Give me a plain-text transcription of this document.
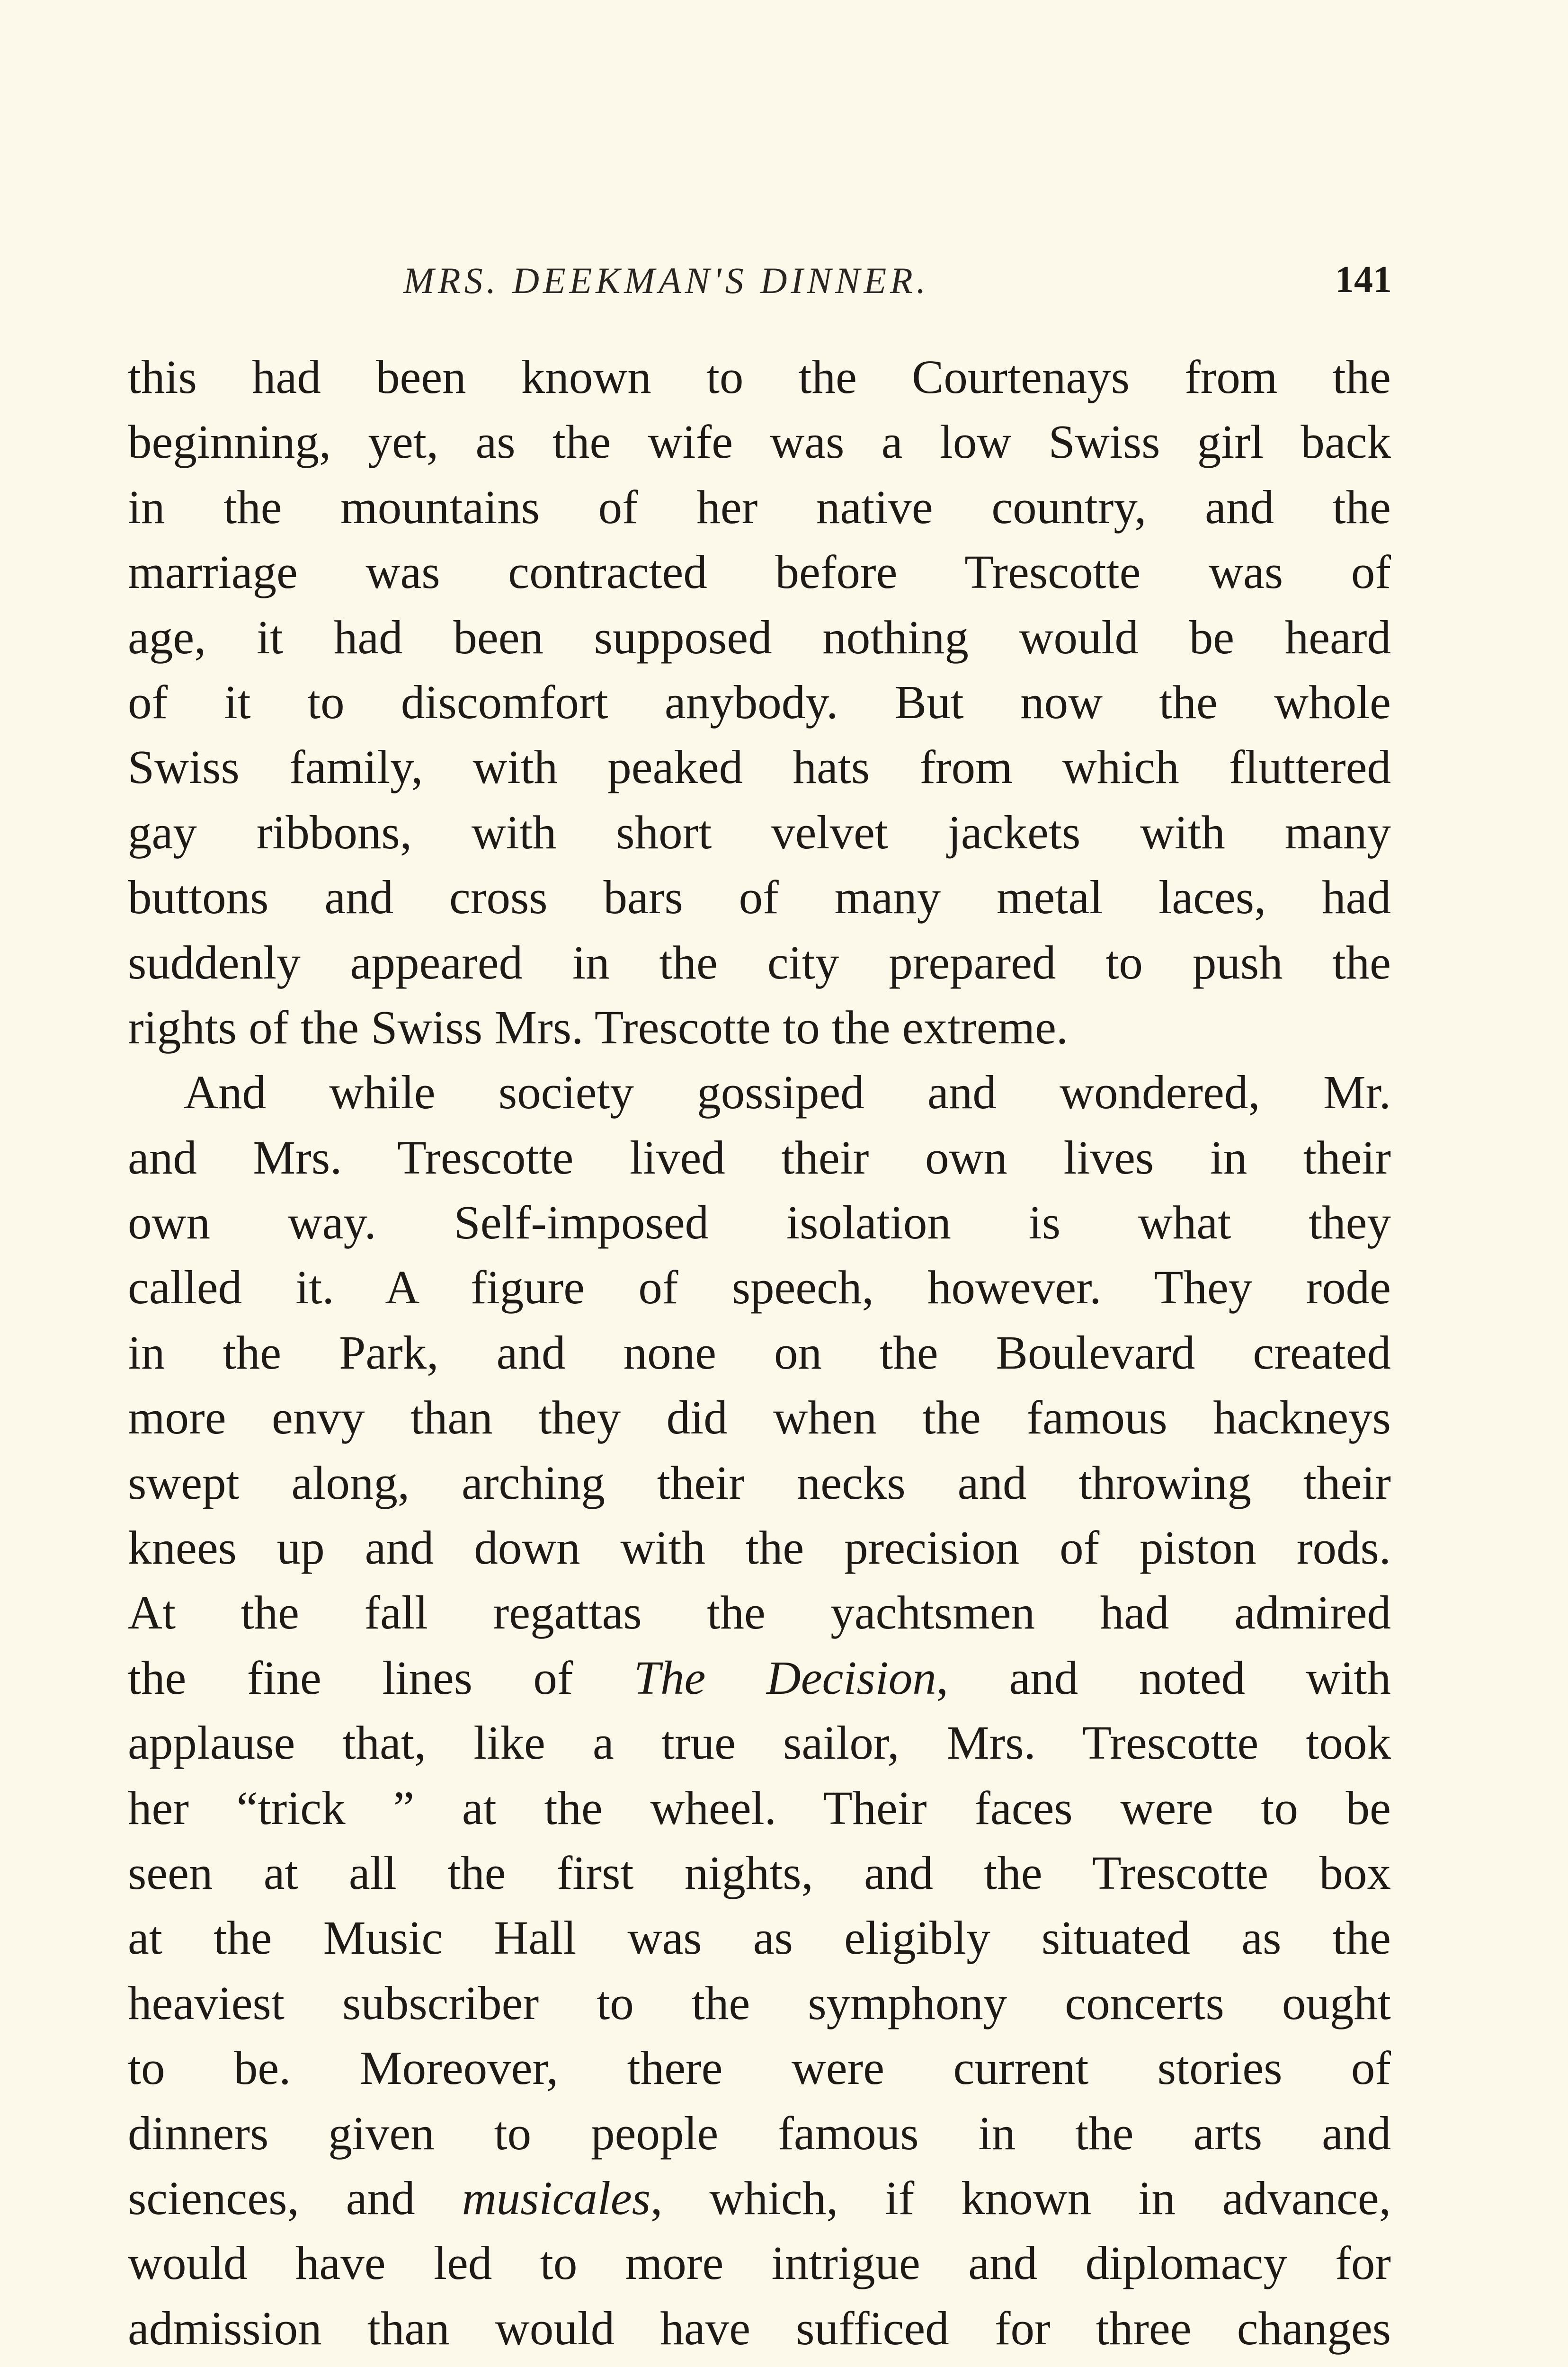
MRS. DEEKMAN'S DINNER.	141
this had been known to the Courtenays from the
beginning, yet, as the wife was a low Swiss girl back
in the mountains of her native country, and the
marriage was contracted before Trescotte was of
age, it had been supposed nothing would be heard
of it to discomfort anybody. But now the whole
Swiss family, with peaked hats from which fluttered
gay ribbons, with short velvet jackets with many
buttons and cross bars of many metal laces, had
suddenly appeared in the city prepared to push the
rights of the Swiss Mrs. Trescotte to the extreme.
And while society gossiped and wondered, Mr.
and Mrs. Trescotte lived their own lives in their
own way. Self-imposed isolation is what they
called it. A figure of speech, however. They rode
in the Park, and none on the Boulevard created
more envy than they did when the famous hackneys
swept along, arching their necks and throwing their
knees up and down with the precision of piston rods.
At the fall regattas the yachtsmen had admired
the fine lines of The Decision, and noted with
applause that, like a true sailor, Mrs. Trescotte took
her “trick ” at the wheel. Their faces were to be
seen at all the first nights, and the Trescotte box
at the Music Hall was as eligibly situated as the
heaviest subscriber to the symphony concerts ought
to be. Moreover, there were current stories of
dinners given to people famous in the arts and
sciences, and musicales, which, if known in advance,
would have led to more intrigue and diplomacy for
admission than would have sufficed for three changes
